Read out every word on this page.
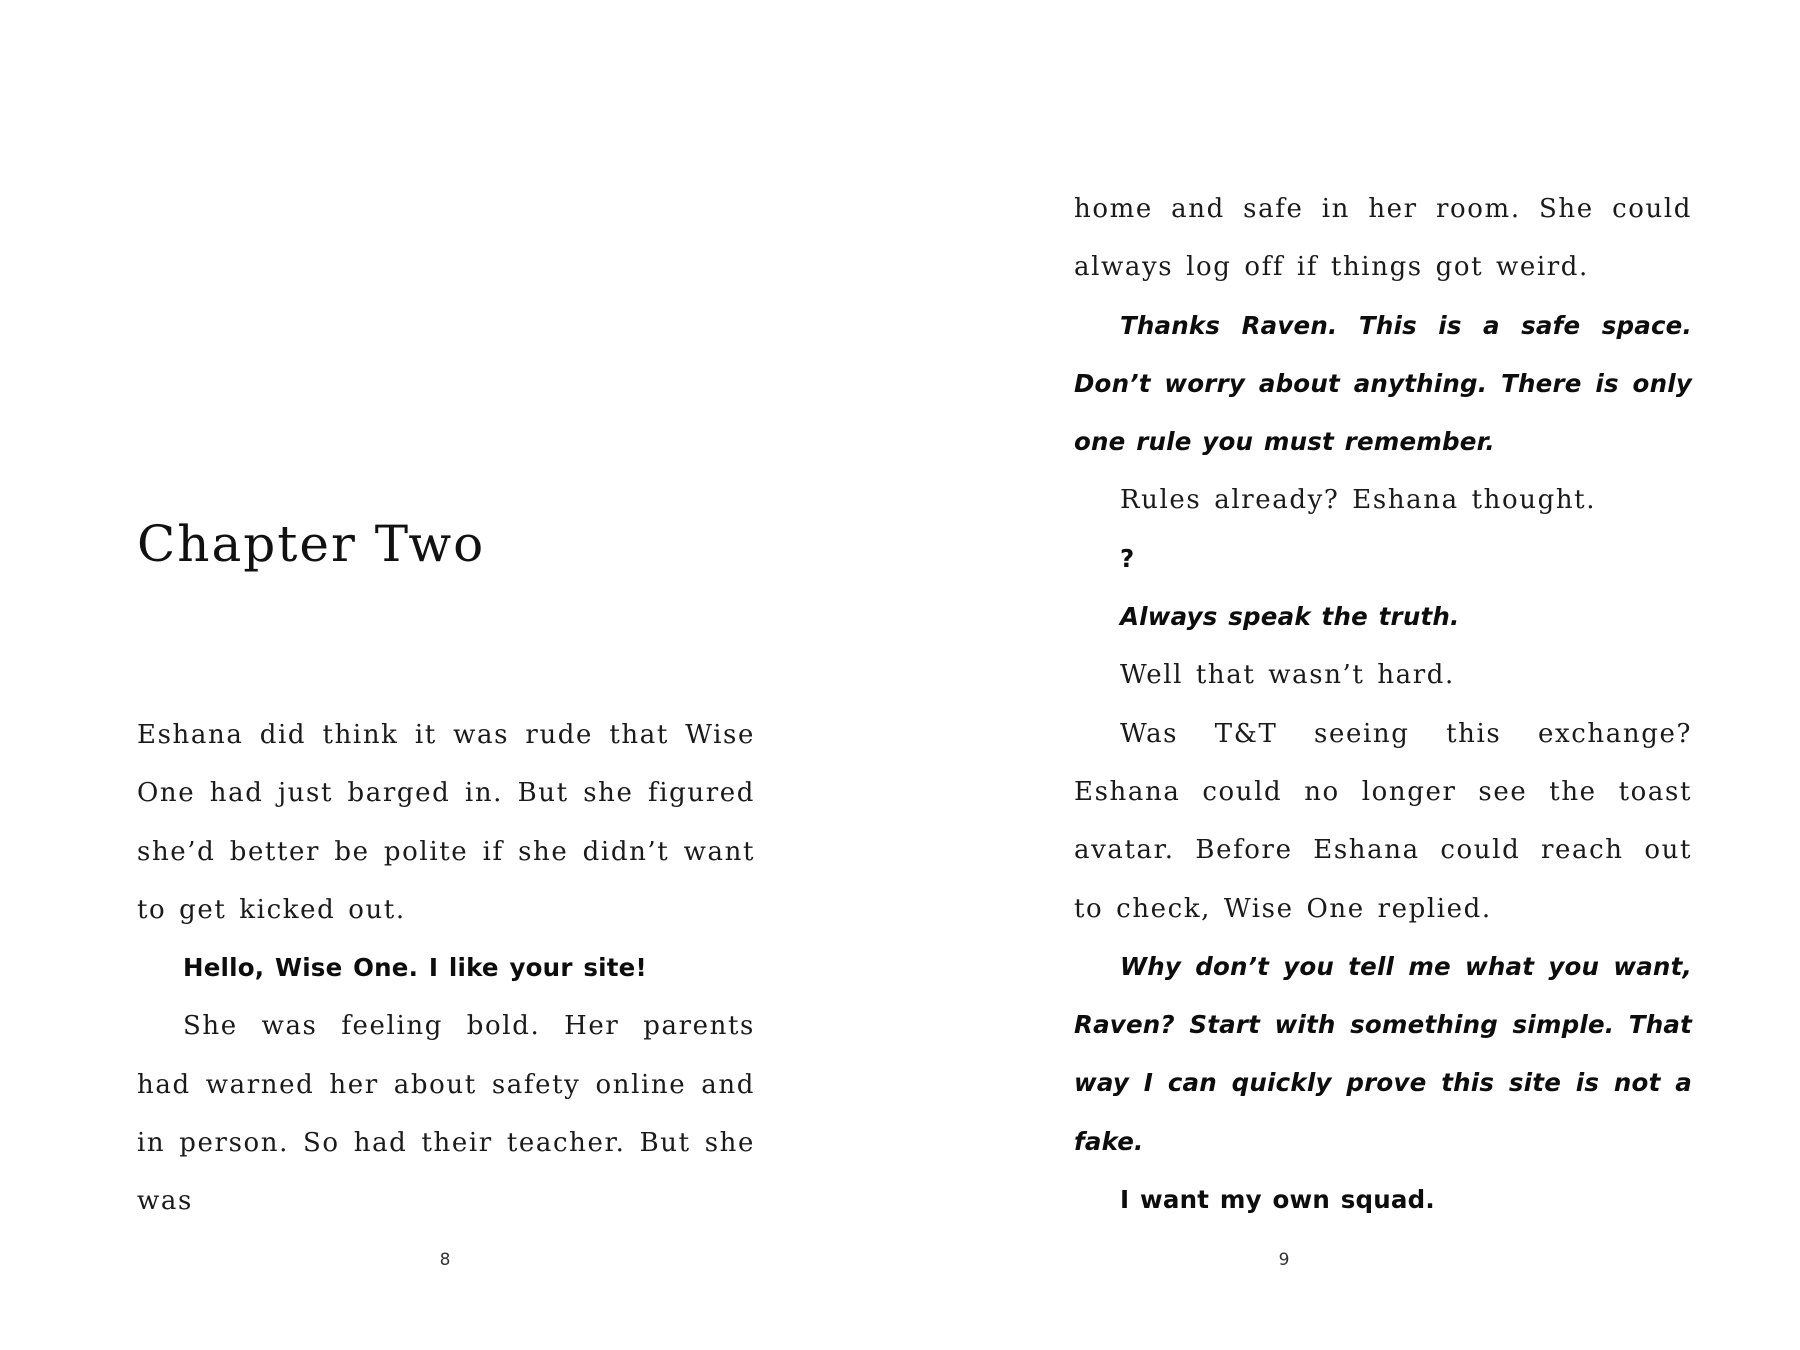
Chapter Two

Eshana did think it was rude that Wise One had just barged in. But she figured she’d better be polite if she didn’t want to get kicked out.

Hello, Wise One. I like your site!

She was feeling bold. Her parents had warned her about safety online and in person. So had their teacher. But she was

8

home and safe in her room. She could always log off if things got weird.

Thanks Raven. This is a safe space. Don’t worry about anything. There is only one rule you must remember.

Rules already? Eshana thought.

?

Always speak the truth.

Well that wasn’t hard.

Was T&T seeing this exchange? Eshana could no longer see the toast avatar. Before Eshana could reach out to check, Wise One replied.

Why don’t you tell me what you want, Raven? Start with something simple. That way I can quickly prove this site is not a fake.

I want my own squad.

9
